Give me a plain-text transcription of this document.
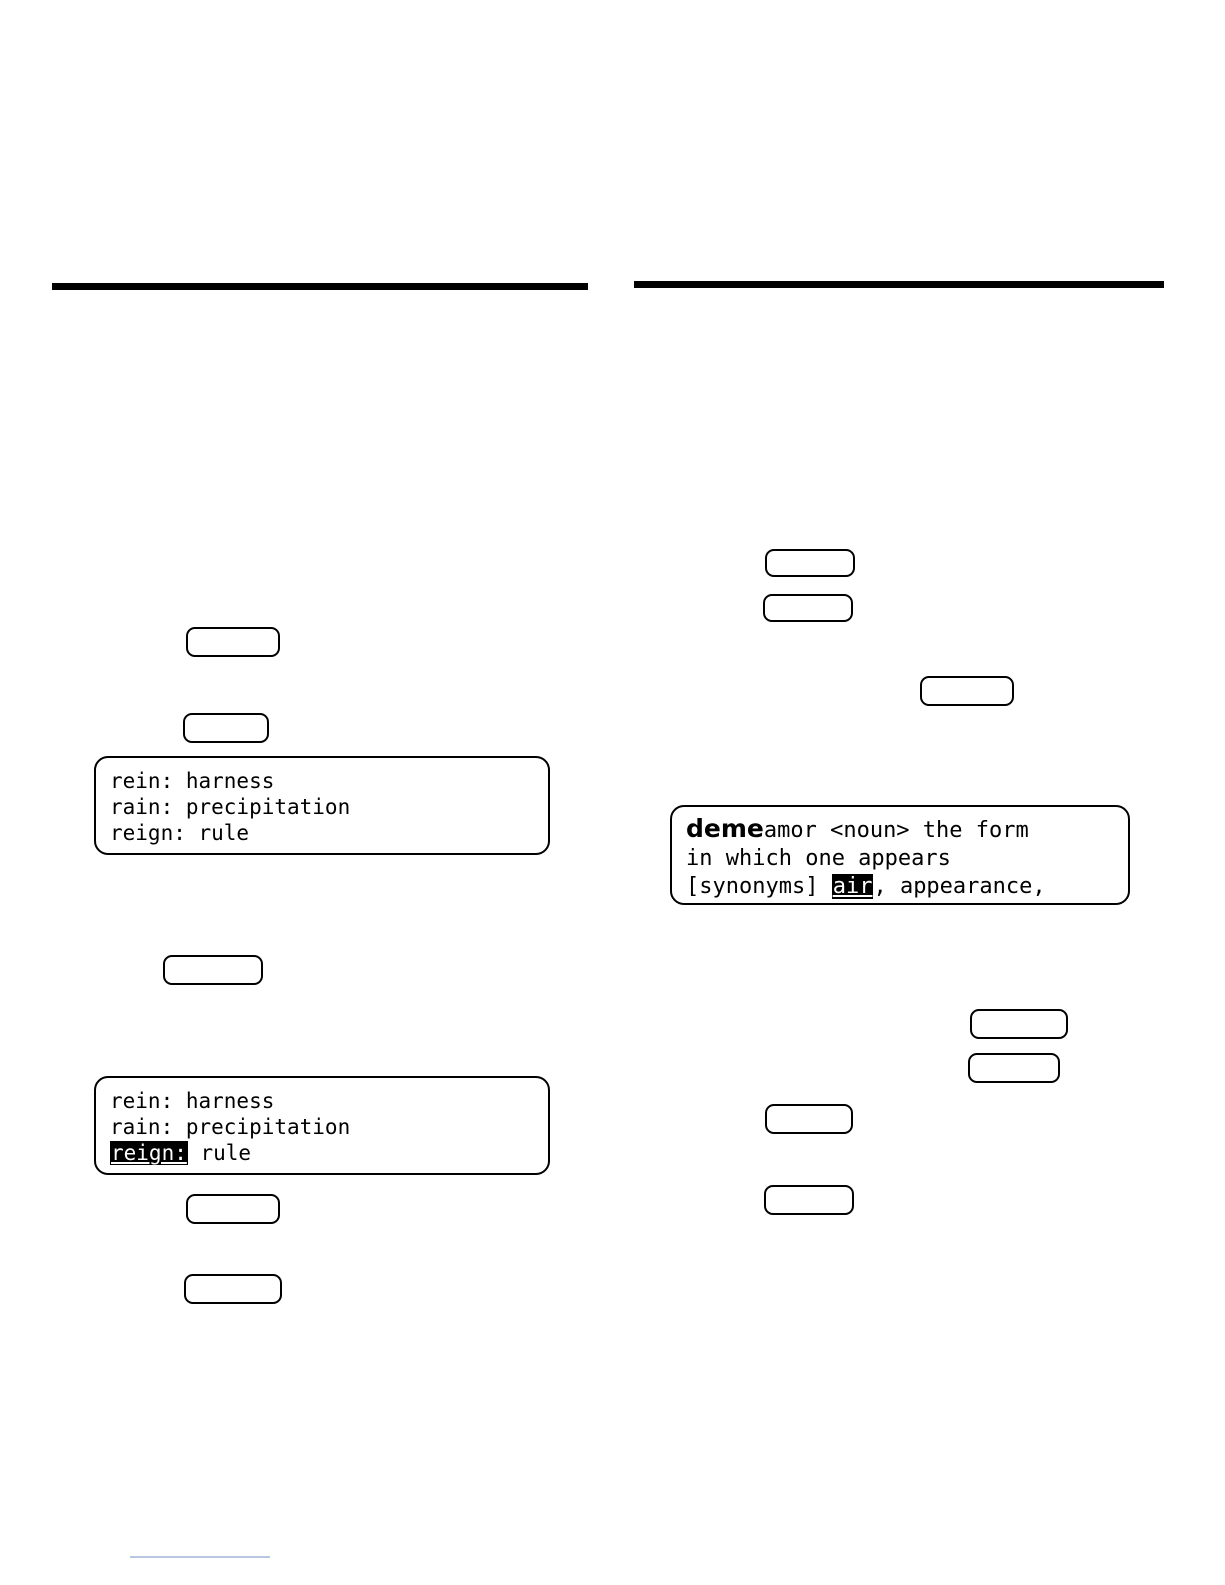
rein: harness
rain: precipitation
reign: rule
rein: harness
rain: precipitation
reign: rule
demeamor <noun> the form
in which one appears
[synonyms] air, appearance,
